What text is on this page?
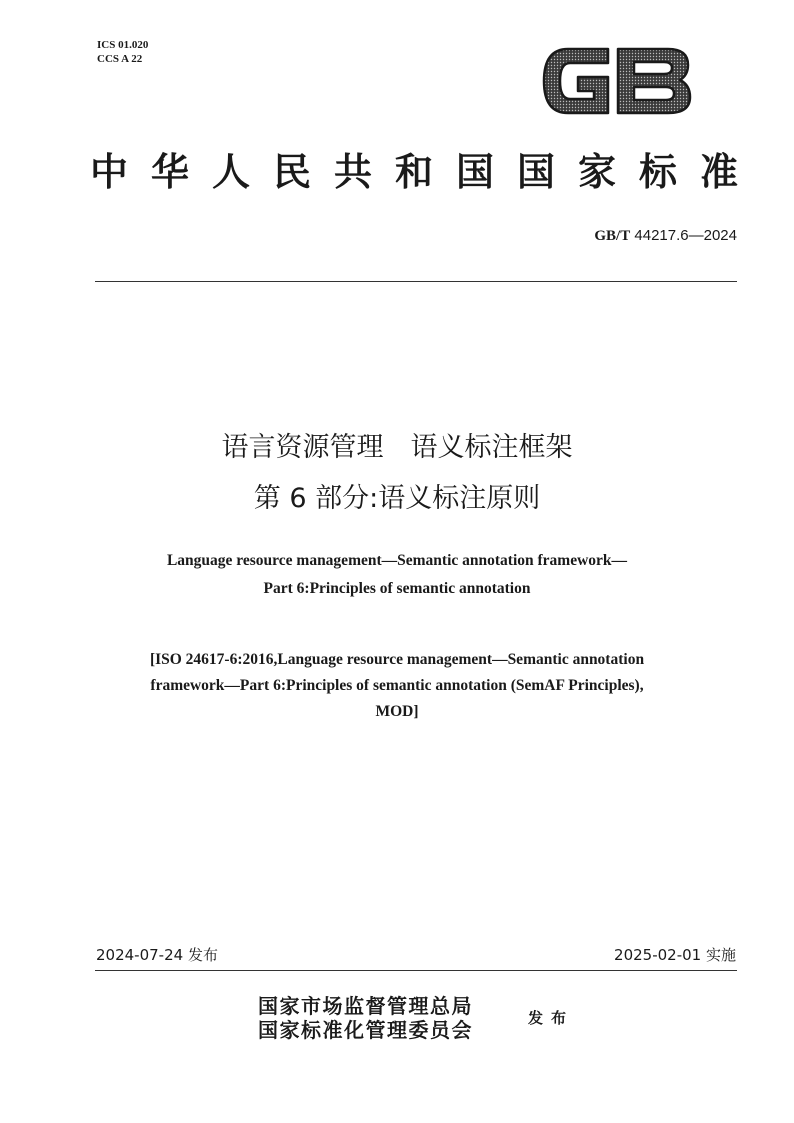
ICS 01.020
CCS A 22
中华人民共和国国家标准
GB/T 44217.6—2024
语言资源管理　语义标注框架
第 6 部分:语义标注原则
Language resource management—Semantic annotation framework—
Part 6:Principles of semantic annotation
[ISO 24617-6:2016,Language resource management—Semantic annotation
framework—Part 6:Principles of semantic annotation (SemAF Principles),
MOD]
2024-07-24 发布	2025-02-01 实施
国家市场监督管理总局
国家标准化管理委员会	发布
